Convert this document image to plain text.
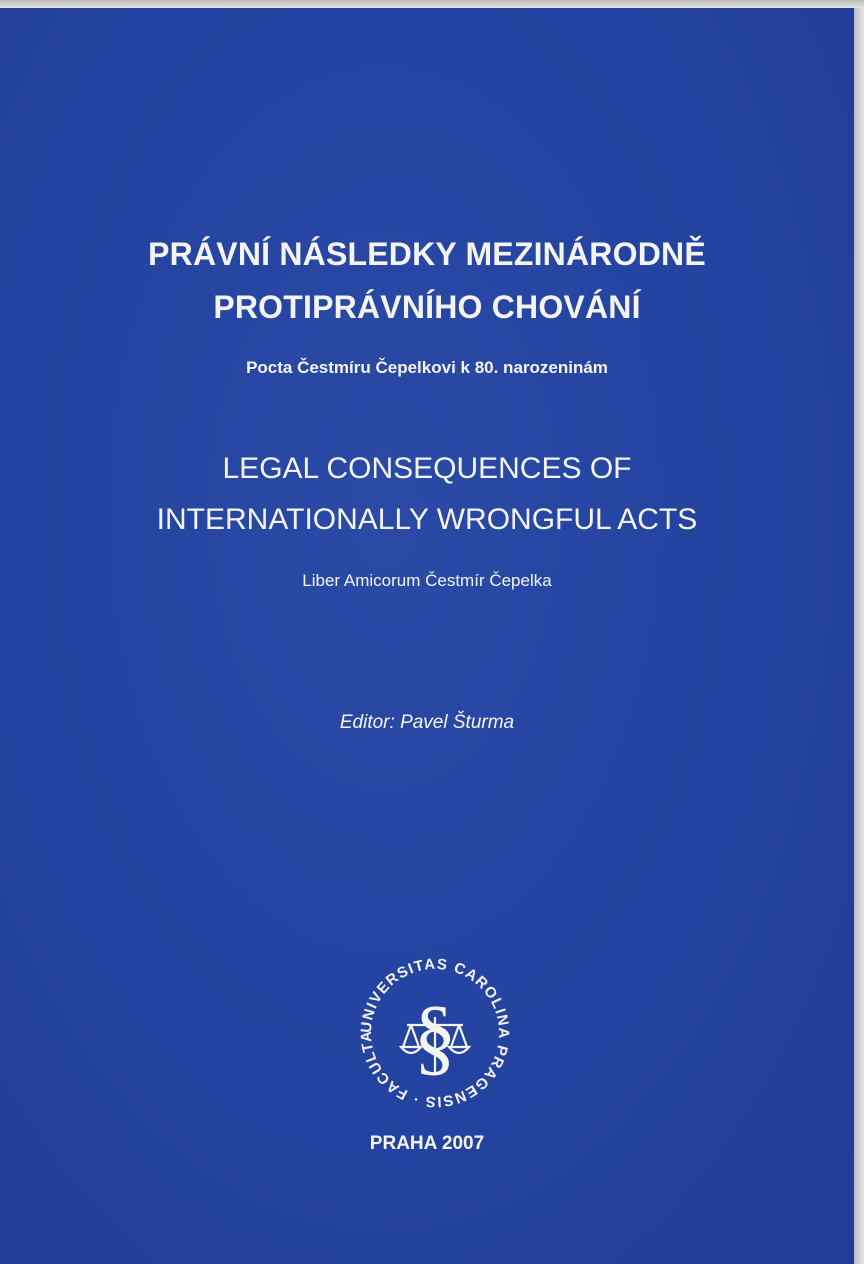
PRÁVNÍ NÁSLEDKY MEZINÁRODNĚ
PROTIPRÁVNÍHO CHOVÁNÍ
Pocta Čestmíru Čepelkovi k 80. narozeninám
LEGAL CONSEQUENCES OF
INTERNATIONALLY WRONGFUL ACTS
Liber Amicorum Čestmír Čepelka
Editor: Pavel Šturma
UNIVERSITAS CAROLINA PRAGENSIS · FACULTA §
PRAHA 2007
